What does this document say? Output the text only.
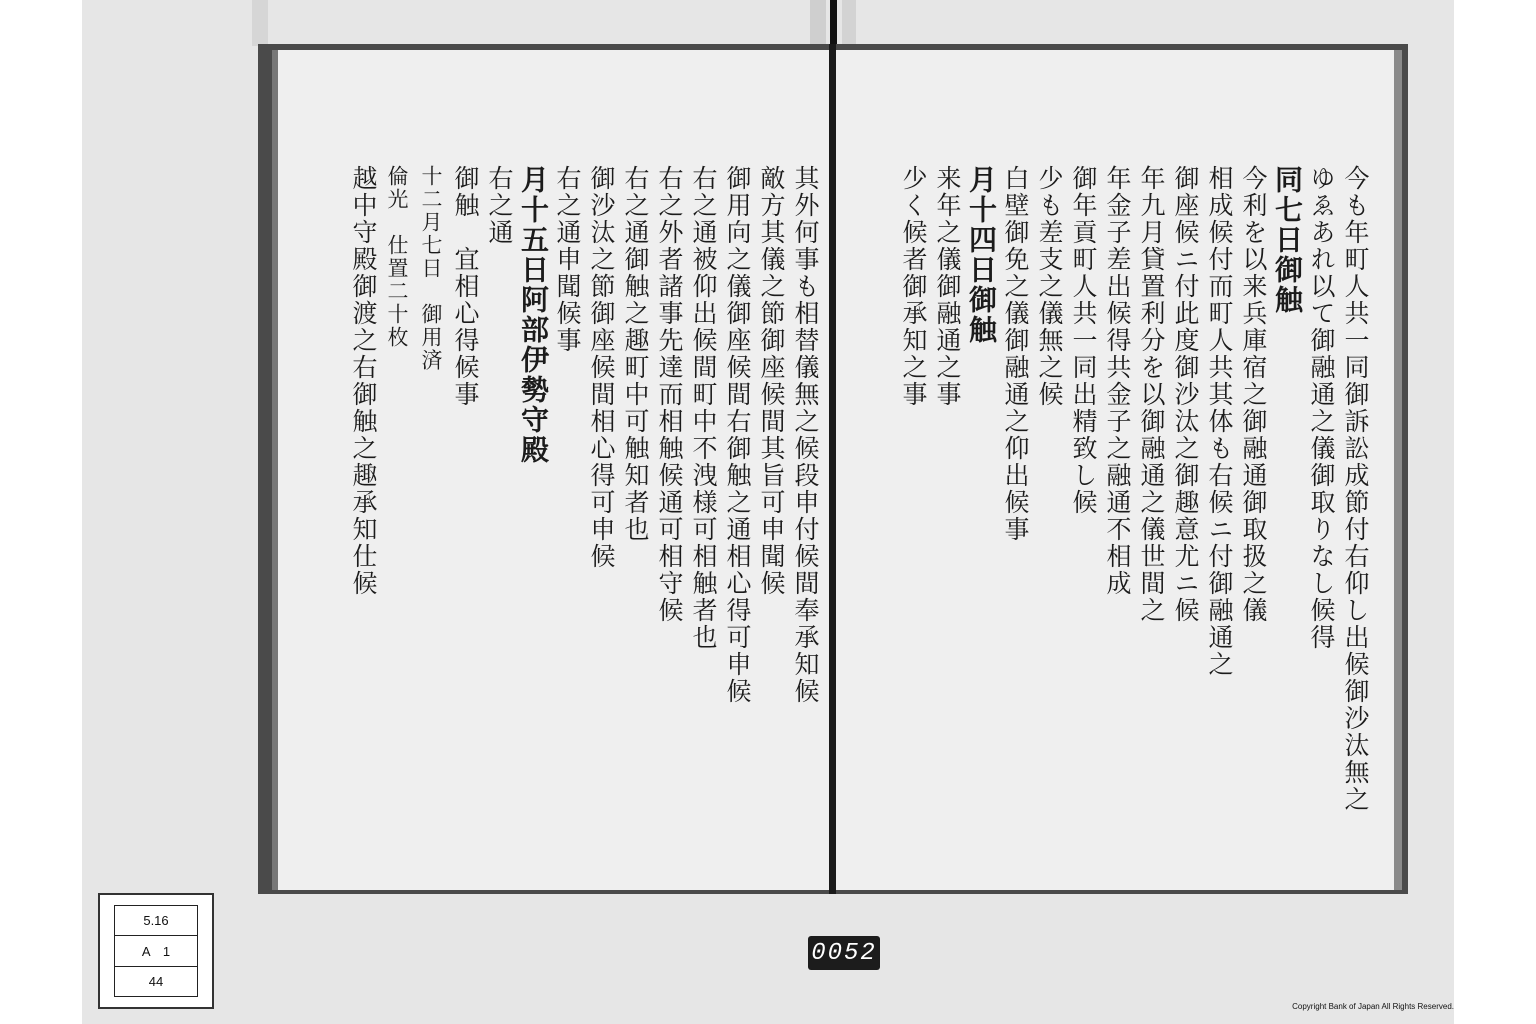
其外何事も相替儀無之候段申付候間奉承知候
敵方其儀之節御座候間其旨可申聞候
御用向之儀御座候間右御触之通相心得可申候
右之通被仰出候間町中不洩様可相触者也
右之外者諸事先達而相触候通可相守候
右之通御触之趣町中可触知者也
御沙汰之節御座候間相心得可申候
右之通申聞候事
月十五日阿部伊勢守殿
右之通
御触　宜相心得候事
十二月七日　御用済
倫光　仕置二十枚
越中守殿御渡之右御触之趣承知仕候	今も年町人共一同御訴訟成節付右仰し出候御沙汰無之
ゆゑあれ以て御融通之儀御取りなし候得
同七日御触
今利を以来兵庫宿之御融通御取扱之儀
相成候付而町人共其体も右候ニ付御融通之
御座候ニ付此度御沙汰之御趣意尤ニ候
年九月貸置利分を以御融通之儀世間之
年金子差出候得共金子之融通不相成
御年貢町人共一同出精致し候
少も差支之儀無之候
白壁御免之儀御融通之仰出候事
月十四日御触
来年之儀御融通之事
少く候者御承知之事
5.16
A　1
44
0052
Copyright Bank of Japan All Rights Reserved.
